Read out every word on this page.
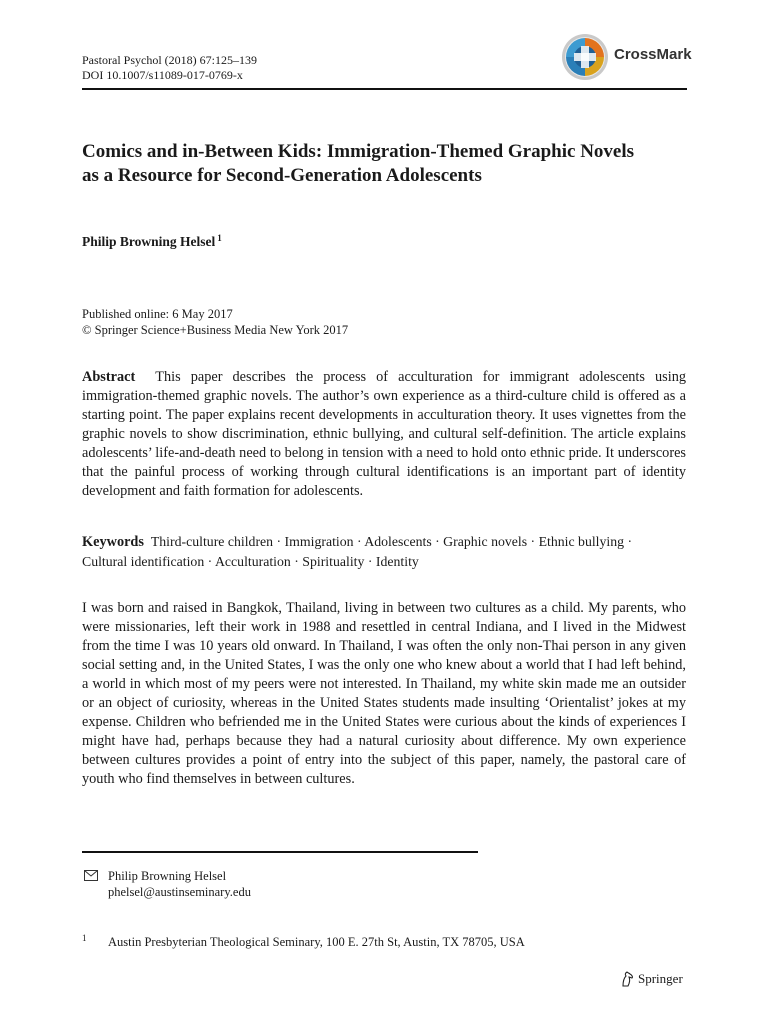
Pastoral Psychol (2018) 67:125–139
DOI 10.1007/s11089-017-0769-x
CrossMark
Comics and in-Between Kids: Immigration-Themed Graphic Novels as a Resource for Second-Generation Adolescents
Philip Browning Helsel $^1$
Published online: 6 May 2017
© Springer Science+Business Media New York 2017
Abstract This paper describes the process of acculturation for immigrant adolescents using immigration-themed graphic novels. The author’s own experience as a third-culture child is offered as a starting point. The paper explains recent developments in acculturation theory. It uses vignettes from the graphic novels to show discrimination, ethnic bullying, and cultural self-definition. The article explains adolescents’ life-and-death need to belong in tension with a need to hold onto ethnic pride. It underscores that the painful process of working through cultural identifications is an important part of identity development and faith formation for adolescents.
Keywords Third-culture children · Immigration · Adolescents · Graphic novels · Ethnic bullying ·
Cultural identification · Acculturation · Spirituality · Identity
I was born and raised in Bangkok, Thailand, living in between two cultures as a child. My parents, who were missionaries, left their work in 1988 and resettled in central Indiana, and I lived in the Midwest from the time I was 10 years old onward. In Thailand, I was often the only non-Thai person in any given social setting and, in the United States, I was the only one who knew about a world that I had left behind, a world in which most of my peers were not interested. In Thailand, my white skin made me an outsider or an object of curiosity, whereas in the United States students made insulting ‘Orientalist’ jokes at my expense. Children who befriended me in the United States were curious about the kinds of experiences I might have had, perhaps because they had a natural curiosity about difference. My own experience between cultures provides a point of entry into the subject of this paper, namely, the pastoral care of youth who find themselves in between cultures.
Philip Browning Helsel
phelsel@austinseminary.edu
1 Austin Presbyterian Theological Seminary, 100 E. 27th St, Austin, TX 78705, USA
Springer
